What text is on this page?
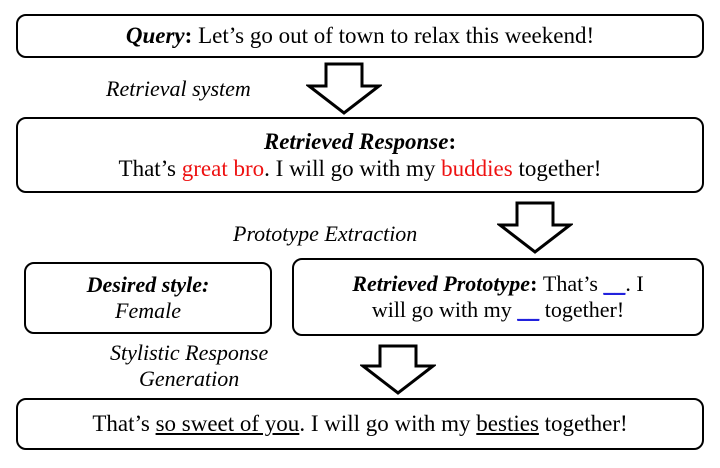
Query: Let’s go out of town to relax this weekend!
Retrieval system
Retrieved Response:
That’s great bro. I will go with my buddies together!
Prototype Extraction
Desired style:
Female
Retrieved Prototype: That’s __. I
will go with my __ together!
Stylistic Response
Generation
That’s so sweet of you. I will go with my besties together!
